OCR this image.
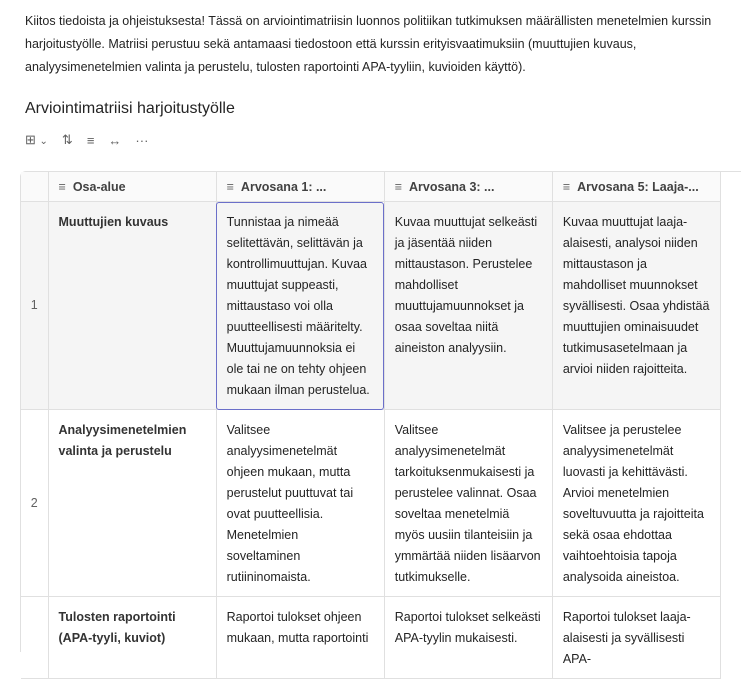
Kiitos tiedoista ja ohjeistuksesta! Tässä on arviointimatriisin luonnos politiikan tutkimuksen määrällisten menetelmien kurssin harjoitustyölle. Matriisi perustuu sekä antamaasi tiedostoon että kurssin erityisvaatimuksiin (muuttujien kuvaus, analyysimenetelmien valinta ja perustelu, tulosten raportointi APA-tyyliin, kuvioiden käyttö).
Arviointimatriisi harjoitustyölle
⊞ ⌄ ⇅ ≡ ↔ ···
	≡ Osa-alue	≡ Arvosana 1: ...	≡ Arvosana 3: ...	≡ Arvosana 5: Laaja-...
1	Muuttujien kuvaus	Tunnistaa ja nimeää selitettävän, selittävän ja kontrollimuuttujan. Kuvaa muuttujat suppeasti, mittaustaso voi olla puutteellisesti määritelty. Muuttujamuunnoksia ei ole tai ne on tehty ohjeen mukaan ilman perustelua.	Kuvaa muuttujat selkeästi ja jäsentää niiden mittaustason. Perustelee mahdolliset muuttujamuunnokset ja osaa soveltaa niitä aineiston analyysiin.	Kuvaa muuttujat laaja-alaisesti, analysoi niiden mittaustason ja mahdolliset muunnokset syvällisesti. Osaa yhdistää muuttujien ominaisuudet tutkimusasetelmaan ja arvioi niiden rajoitteita.
2	Analyysimenetelmien valinta ja perustelu	Valitsee analyysimenetelmät ohjeen mukaan, mutta perustelut puuttuvat tai ovat puutteellisia. Menetelmien soveltaminen rutiininomaista.	Valitsee analyysimenetelmät tarkoituksenmukaisesti ja perustelee valinnat. Osaa soveltaa menetelmiä myös uusiin tilanteisiin ja ymmärtää niiden lisäarvon tutkimukselle.	Valitsee ja perustelee analyysimenetelmät luovasti ja kehittävästi. Arvioi menetelmien soveltuvuutta ja rajoitteita sekä osaa ehdottaa vaihtoehtoisia tapoja analysoida aineistoa.
	Tulosten raportointi (APA-tyyli, kuviot)	Raportoi tulokset ohjeen mukaan, mutta raportointi	Raportoi tulokset selkeästi APA-tyylin mukaisesti.	Raportoi tulokset laaja-alaisesti ja syvällisesti APA-
